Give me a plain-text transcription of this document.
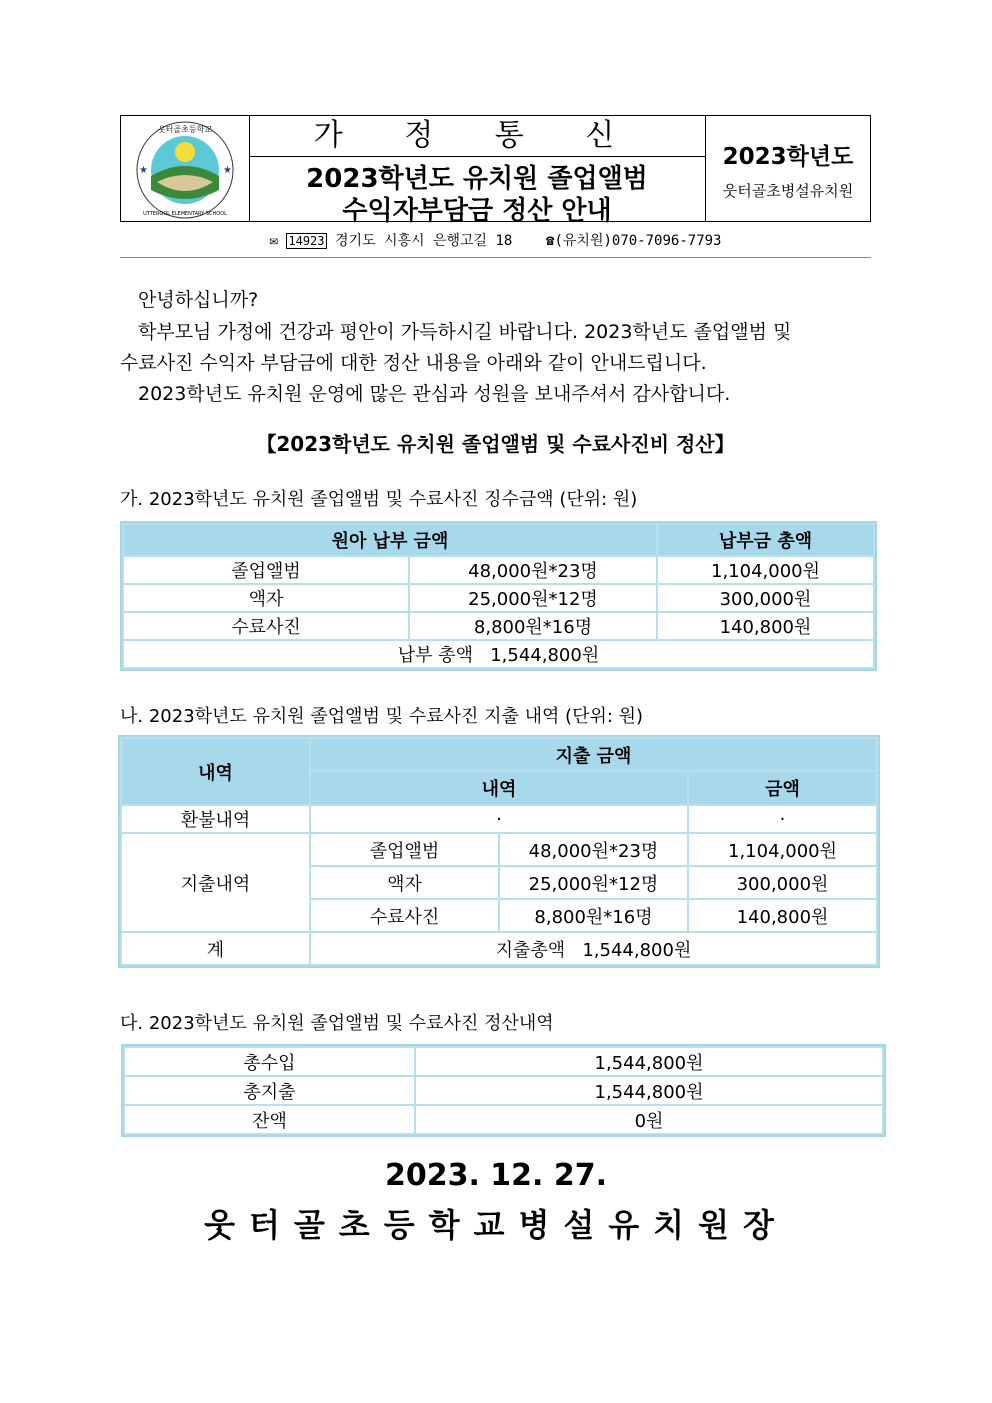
★	★
웃터골초등학교
UTTERGOL ELEMENTARY SCHOOL
가 정 통 신
2023학년도 유치원 졸업앨범
수익자부담금 정산 안내
2023학년도
웃터골초병설유치원
✉ 14923 경기도 시흥시 은행고길 18 ☎(유치원)070-7096-7793
안녕하십니까?
학부모님 가정에 건강과 평안이 가득하시길 바랍니다. 2023학년도 졸업앨범 및
수료사진 수익자 부담금에 대한 정산 내용을 아래와 같이 안내드립니다.
2023학년도 유치원 운영에 많은 관심과 성원을 보내주셔서 감사합니다.
【2023학년도 유치원 졸업앨범 및 수료사진비 정산】
가. 2023학년도 유치원 졸업앨범 및 수료사진 징수금액 (단위: 원)
원아 납부 금액		납부금 총액
졸업앨범	48,000원*23명	1,104,000원
액자	25,000원*12명	300,000원
수료사진	8,800원*16명	140,800원
납부 총액   1,544,800원		
나. 2023학년도 유치원 졸업앨범 및 수료사진 지출 내역 (단위: 원)
내역	지출 금액		
	내역		금액
환불내역	·		·
지출내역	졸업앨범	48,000원*23명	1,104,000원
	액자	25,000원*12명	300,000원
	수료사진	8,800원*16명	140,800원
계	지출총액   1,544,800원		
다. 2023학년도 유치원 졸업앨범 및 수료사진 정산내역
총수입	1,544,800원
총지출	1,544,800원
잔액	0원
2023. 12. 27.
웃터골초등학교병설유치원장
